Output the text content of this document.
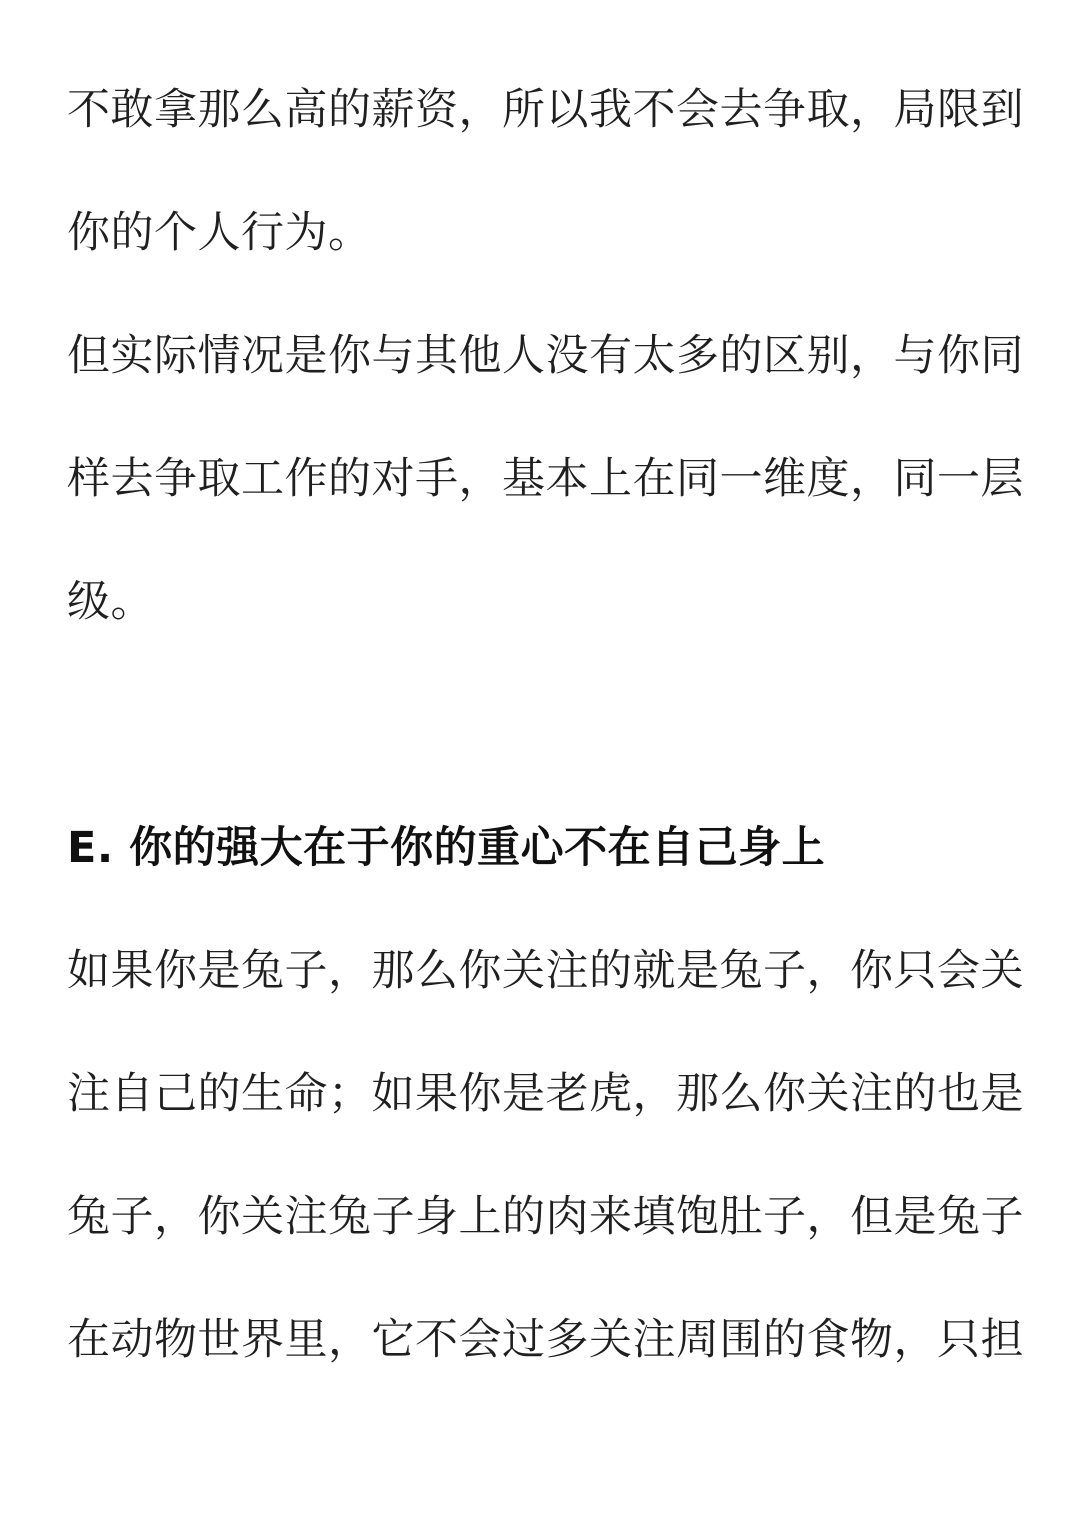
不敢拿那么高的薪资，所以我不会去争取，局限到
你的个人行为。
但实际情况是你与其他人没有太多的区别，与你同
样去争取工作的对手，基本上在同一维度，同一层
级。
E. 你的强大在于你的重心不在自己身上
如果你是兔子，那么你关注的就是兔子，你只会关
注自己的生命；如果你是老虎，那么你关注的也是
兔子，你关注兔子身上的肉来填饱肚子，但是兔子
在动物世界里，它不会过多关注周围的食物，只担
